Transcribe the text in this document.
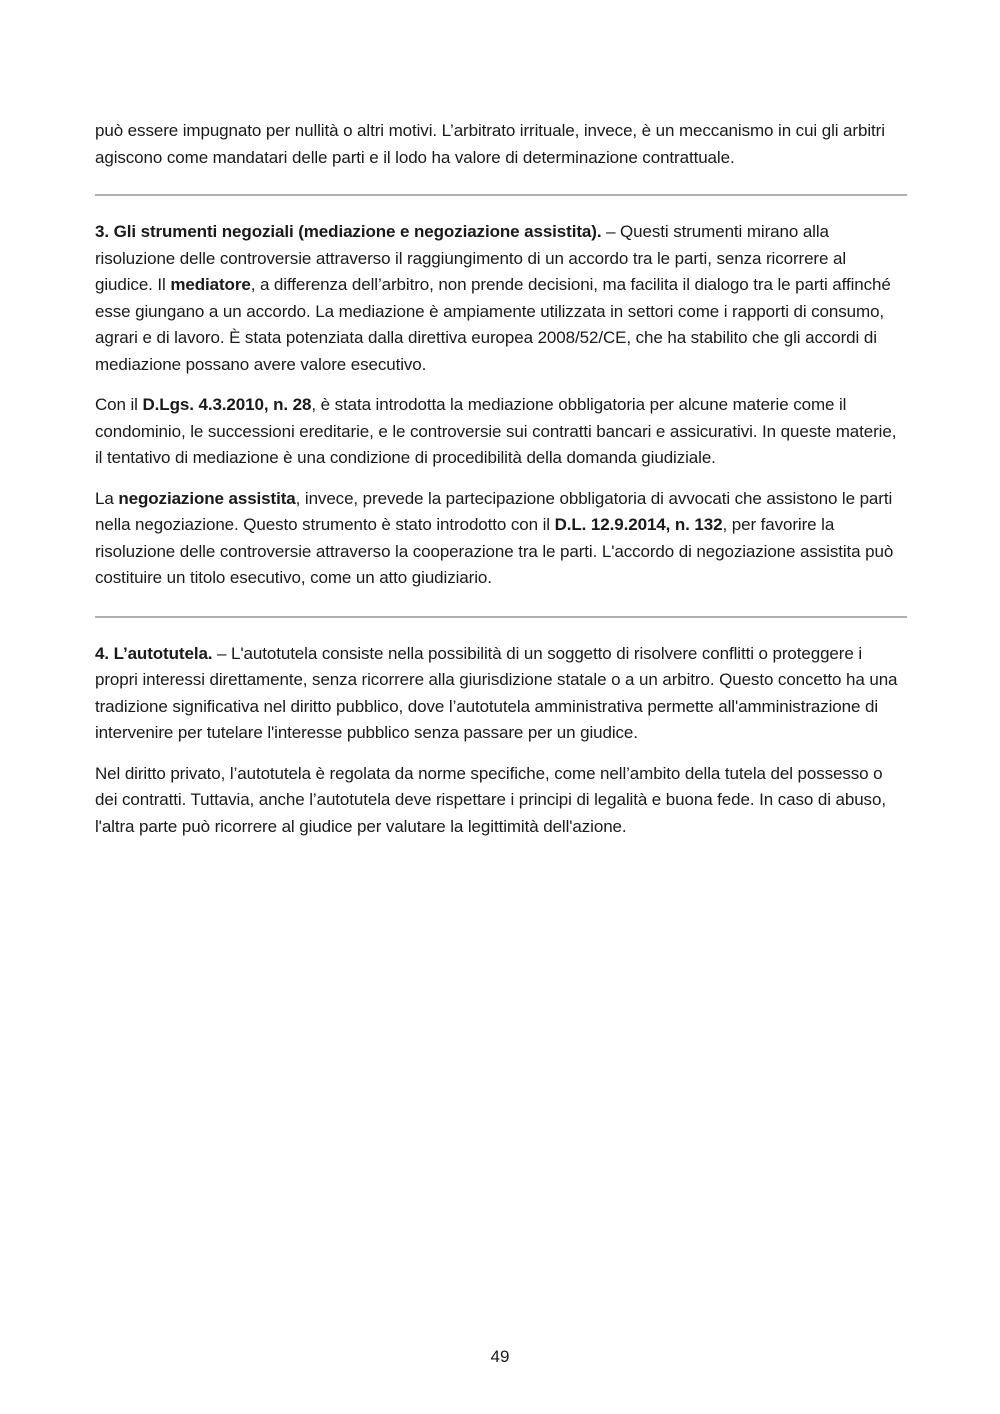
può essere impugnato per nullità o altri motivi. L’arbitrato irrituale, invece, è un meccanismo in cui gli arbitri agiscono come mandatari delle parti e il lodo ha valore di determinazione contrattuale.

3. Gli strumenti negoziali (mediazione e negoziazione assistita). – Questi strumenti mirano alla risoluzione delle controversie attraverso il raggiungimento di un accordo tra le parti, senza ricorrere al giudice. Il mediatore, a differenza dell’arbitro, non prende decisioni, ma facilita il dialogo tra le parti affinché esse giungano a un accordo. La mediazione è ampiamente utilizzata in settori come i rapporti di consumo, agrari e di lavoro. È stata potenziata dalla direttiva europea 2008/52/CE, che ha stabilito che gli accordi di mediazione possano avere valore esecutivo.

Con il D.Lgs. 4.3.2010, n. 28, è stata introdotta la mediazione obbligatoria per alcune materie come il condominio, le successioni ereditarie, e le controversie sui contratti bancari e assicurativi. In queste materie, il tentativo di mediazione è una condizione di procedibilità della domanda giudiziale.

La negoziazione assistita, invece, prevede la partecipazione obbligatoria di avvocati che assistono le parti nella negoziazione. Questo strumento è stato introdotto con il D.L. 12.9.2014, n. 132, per favorire la risoluzione delle controversie attraverso la cooperazione tra le parti. L'accordo di negoziazione assistita può costituire un titolo esecutivo, come un atto giudiziario.

4. L’autotutela. – L'autotutela consiste nella possibilità di un soggetto di risolvere conflitti o proteggere i propri interessi direttamente, senza ricorrere alla giurisdizione statale o a un arbitro. Questo concetto ha una tradizione significativa nel diritto pubblico, dove l’autotutela amministrativa permette all'amministrazione di intervenire per tutelare l'interesse pubblico senza passare per un giudice.

Nel diritto privato, l’autotutela è regolata da norme specifiche, come nell’ambito della tutela del possesso o dei contratti. Tuttavia, anche l’autotutela deve rispettare i principi di legalità e buona fede. In caso di abuso, l'altra parte può ricorrere al giudice per valutare la legittimità dell'azione.

49
